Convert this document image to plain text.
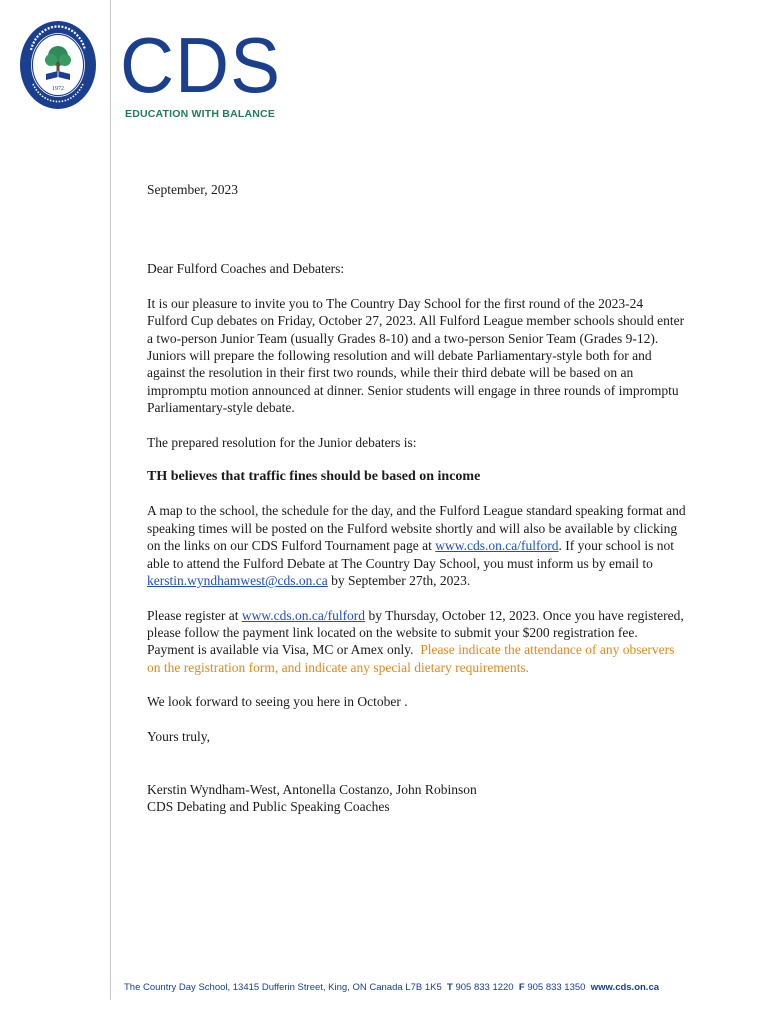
1972 CDS
EDUCATION WITH BALANCE

September, 2023

Dear Fulford Coaches and Debaters:

It is our pleasure to invite you to The Country Day School for the first round of the 2023-24 Fulford Cup debates on Friday, October 27, 2023. All Fulford League member schools should enter a two-person Junior Team (usually Grades 8-10) and a two-person Senior Team (Grades 9-12). Juniors will prepare the following resolution and will debate Parliamentary-style both for and against the resolution in their first two rounds, while their third debate will be based on an impromptu motion announced at dinner. Senior students will engage in three rounds of impromptu Parliamentary-style debate.

The prepared resolution for the Junior debaters is:

TH believes that traffic fines should be based on income

A map to the school, the schedule for the day, and the Fulford League standard speaking format and speaking times will be posted on the Fulford website shortly and will also be available by clicking on the links on our CDS Fulford Tournament page at www.cds.on.ca/fulford. If your school is not able to attend the Fulford Debate at The Country Day School, you must inform us by email to kerstin.wyndhamwest@cds.on.ca by September 27th, 2023.

Please register at www.cds.on.ca/fulford by Thursday, October 12, 2023. Once you have registered, please follow the payment link located on the website to submit your $200 registration fee. Payment is available via Visa, MC or Amex only. Please indicate the attendance of any observers on the registration form, and indicate any special dietary requirements.

We look forward to seeing you here in October .

Yours truly,

Kerstin Wyndham-West, Antonella Costanzo, John Robinson

CDS Debating and Public Speaking Coaches

The Country Day School, 13415 Dufferin Street, King, ON Canada L7B 1K5 T 905 833 1220 F 905 833 1350 www.cds.on.ca
